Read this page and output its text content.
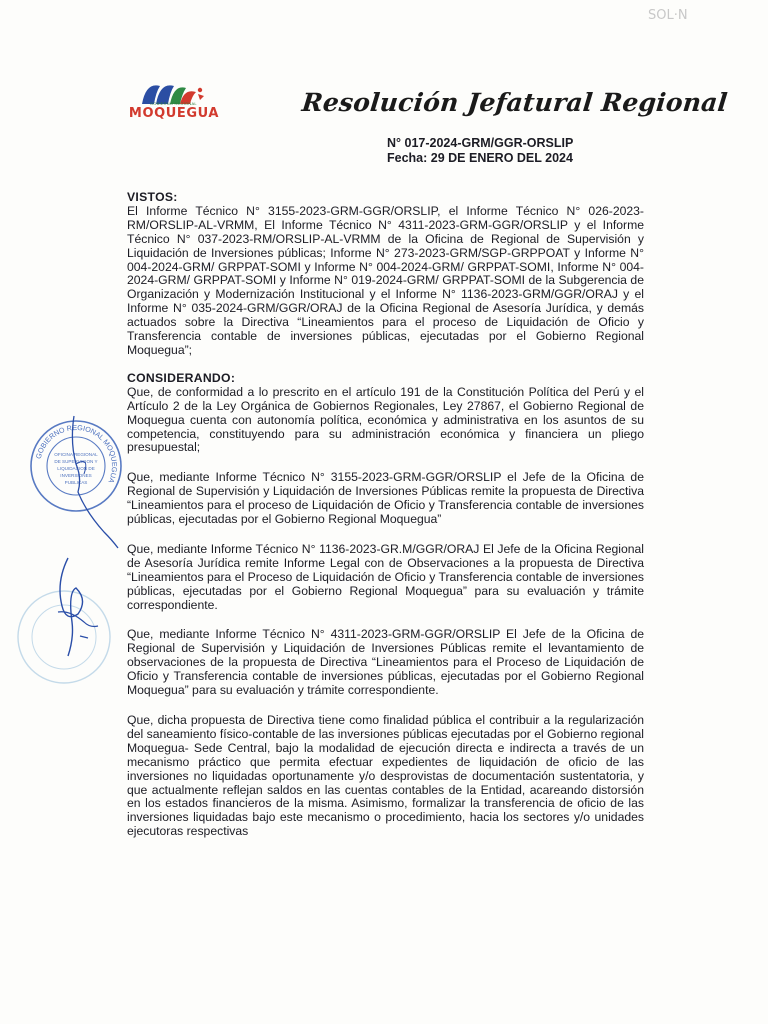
SOL·N
GOBIERNO REGIONAL
MOQUEGUA	Resolución Jefatural Regional
N° 017-2024-GRM/GGR-ORSLIP
Fecha: 29 DE ENERO DEL 2024
VISTOS:

El Informe Técnico N° 3155-2023-GRM-GGR/ORSLIP, el Informe Técnico N° 026-2023-RM/ORSLIP-AL-VRMM, El Informe Técnico N° 4311-2023-GRM-GGR/ORSLIP y el Informe Técnico N° 037-2023-RM/ORSLIP-AL-VRMM de la Oficina de Regional de Supervisión y Liquidación de Inversiones públicas; Informe N° 273-2023-GRM/SGP-GRPPOAT y Informe N° 004-2024-GRM/ GRPPAT-SOMI y Informe N° 004-2024-GRM/ GRPPAT-SOMI, Informe N° 004-2024-GRM/ GRPPAT-SOMI y Informe N° 019-2024-GRM/ GRPPAT-SOMI de la Subgerencia de Organización y Modernización Institucional y el Informe N° 1136-2023-GRM/GGR/ORAJ y el Informe N° 035-2024-GRM/GGR/ORAJ de la Oficina Regional de Asesoría Jurídica, y demás actuados sobre la Directiva “Lineamientos para el proceso de Liquidación de Oficio y Transferencia contable de inversiones públicas, ejecutadas por el Gobierno Regional Moquegua”;

CONSIDERANDO:

Que, de conformidad a lo prescrito en el artículo 191 de la Constitución Política del Perú y el Artículo 2 de la Ley Orgánica de Gobiernos Regionales, Ley 27867, el Gobierno Regional de Moquegua cuenta con autonomía política, económica y administrativa en los asuntos de su competencia, constituyendo para su administración económica y financiera un pliego presupuestal;

Que, mediante Informe Técnico N° 3155-2023-GRM-GGR/ORSLIP el Jefe de la Oficina de Regional de Supervisión y Liquidación de Inversiones Públicas remite la propuesta de Directiva “Lineamientos para el proceso de Liquidación de Oficio y Transferencia contable de inversiones públicas, ejecutadas por el Gobierno Regional Moquegua”

Que, mediante Informe Técnico N° 1136-2023-GR.M/GGR/ORAJ El Jefe de la Oficina Regional de Asesoría Jurídica remite Informe Legal con de Observaciones a la propuesta de Directiva “Lineamientos para el Proceso de Liquidación de Oficio y Transferencia contable de inversiones públicas, ejecutadas por el Gobierno Regional Moquegua” para su evaluación y trámite correspondiente.

Que, mediante Informe Técnico N° 4311-2023-GRM-GGR/ORSLIP El Jefe de la Oficina de Regional de Supervisión y Liquidación de Inversiones Públicas remite el levantamiento de observaciones de la propuesta de Directiva “Lineamientos para el Proceso de Liquidación de Oficio y Transferencia contable de inversiones públicas, ejecutadas por el Gobierno Regional Moquegua” para su evaluación y trámite correspondiente.

Que, dicha propuesta de Directiva tiene como finalidad pública el contribuir a la regularización del saneamiento físico-contable de las inversiones públicas ejecutadas por el Gobierno regional Moquegua- Sede Central, bajo la modalidad de ejecución directa e indirecta a través de un mecanismo práctico que permita efectuar expedientes de liquidación de oficio de las inversiones no liquidadas oportunamente y/o desprovistas de documentación sustentatoria, y que actualmente reflejan saldos en las cuentas contables de la Entidad, acareando distorsión en los estados financieros de la misma. Asimismo, formalizar la transferencia de oficio de las inversiones liquidadas bajo este mecanismo o procedimiento, hacia los sectores y/o unidades ejecutoras respectivas

GOBIERNO REGIONAL MOQUEGUA
OFICINA REGIONAL
DE SUPERVISION Y
LIQUIDACION DE
INVERSIONES
PUBLICAS
